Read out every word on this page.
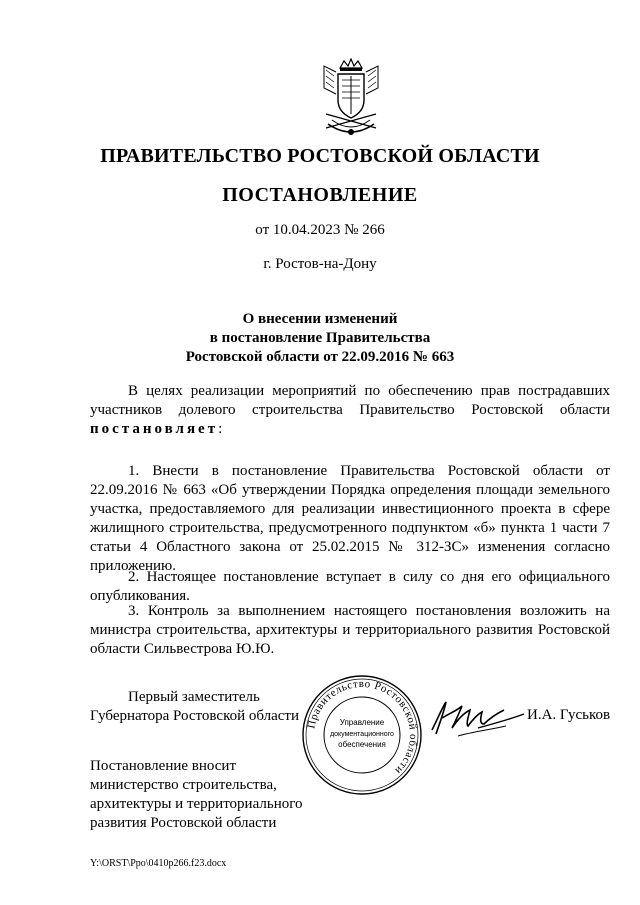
ПРАВИТЕЛЬСТВО РОСТОВСКОЙ ОБЛАСТИ
ПОСТАНОВЛЕНИЕ
от 10.04.2023 № 266
г. Ростов-на-Дону
О внесении изменений
в постановление Правительства
Ростовской области от 22.09.2016 № 663
В целях реализации мероприятий по обеспечению прав пострадавших участников долевого строительства Правительство Ростовской области постановляет:
1. Внести в постановление Правительства Ростовской области от 22.09.2016 № 663 «Об утверждении Порядка определения площади земельного участка, предоставляемого для реализации инвестиционного проекта в сфере жилищного строительства, предусмотренного подпунктом «б» пункта 1 части 7 статьи 4 Областного закона от 25.02.2015 № 312-ЗС» изменения согласно приложению.
2. Настоящее постановление вступает в силу со дня его официального опубликования.
3. Контроль за выполнением настоящего постановления возложить на министра строительства, архитектуры и территориального развития Ростовской области Сильвестрова Ю.Ю.
Первый заместитель
Губернатора Ростовской области
Правительство Ростовской области
Управление
документационного
обеспечения
И.А. Гуськов
Постановление вносит
министерство строительства,
архитектуры и территориального
развития Ростовской области
Y:\ORST\Ppo\0410p266.f23.docx
